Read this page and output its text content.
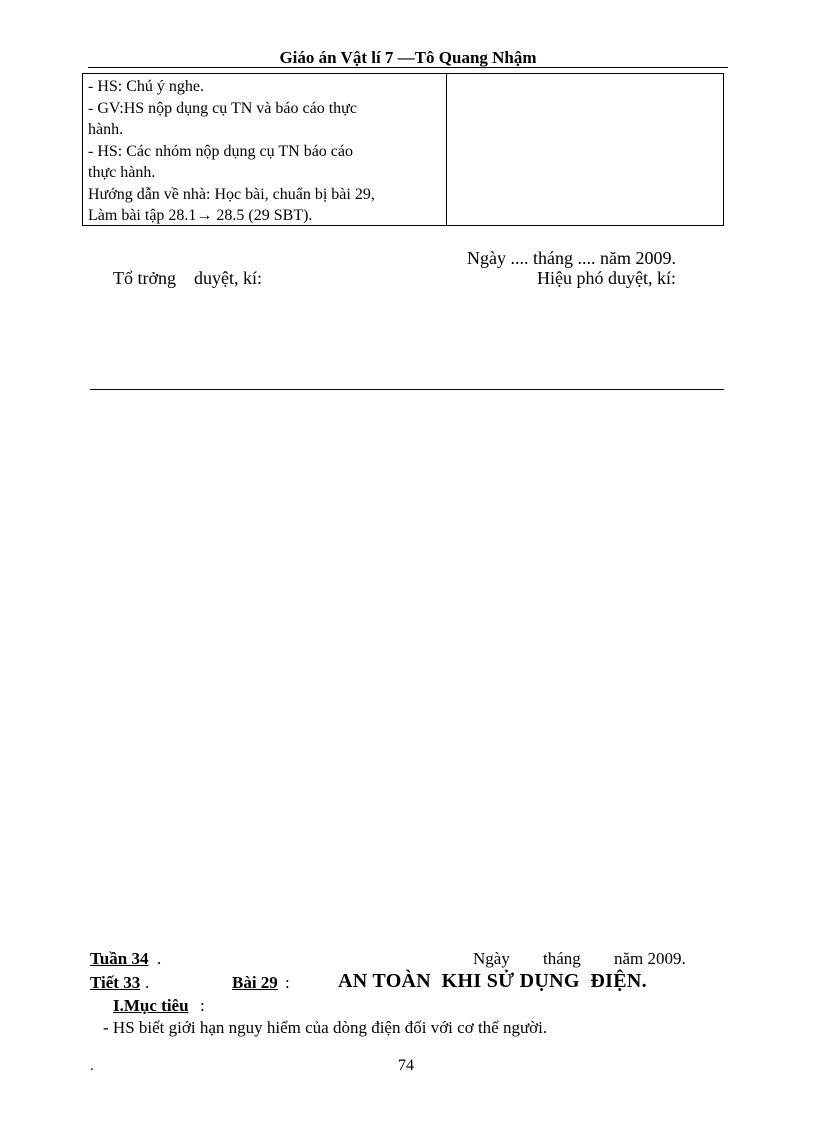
Giáo án Vật lí 7 —Tô Quang Nhậm
- HS: Chú ý nghe.
- GV:HS nộp dụng cụ TN và báo cáo thực
hành.
- HS: Các nhóm nộp dụng cụ TN báo cáo
thực hành.
Hướng dẫn về nhà: Học bài, chuẩn bị bài 29,
Làm bài tập 28.1→ 28.5 (29 SBT).
Ngày .... tháng .... năm 2009.
Tổ trởng    duyệt, kí:	Hiệu phó duyệt, kí:
Tuần 34 .	Ngày tháng năm 2009.
Tiết 33 .	Bài 29 : AN TOÀN  KHI SỬ DỤNG  ĐIỆN.
I.Mục tiêu :
- HS biết giới hạn nguy hiểm của dòng điện đối với cơ thể người.
.	74
